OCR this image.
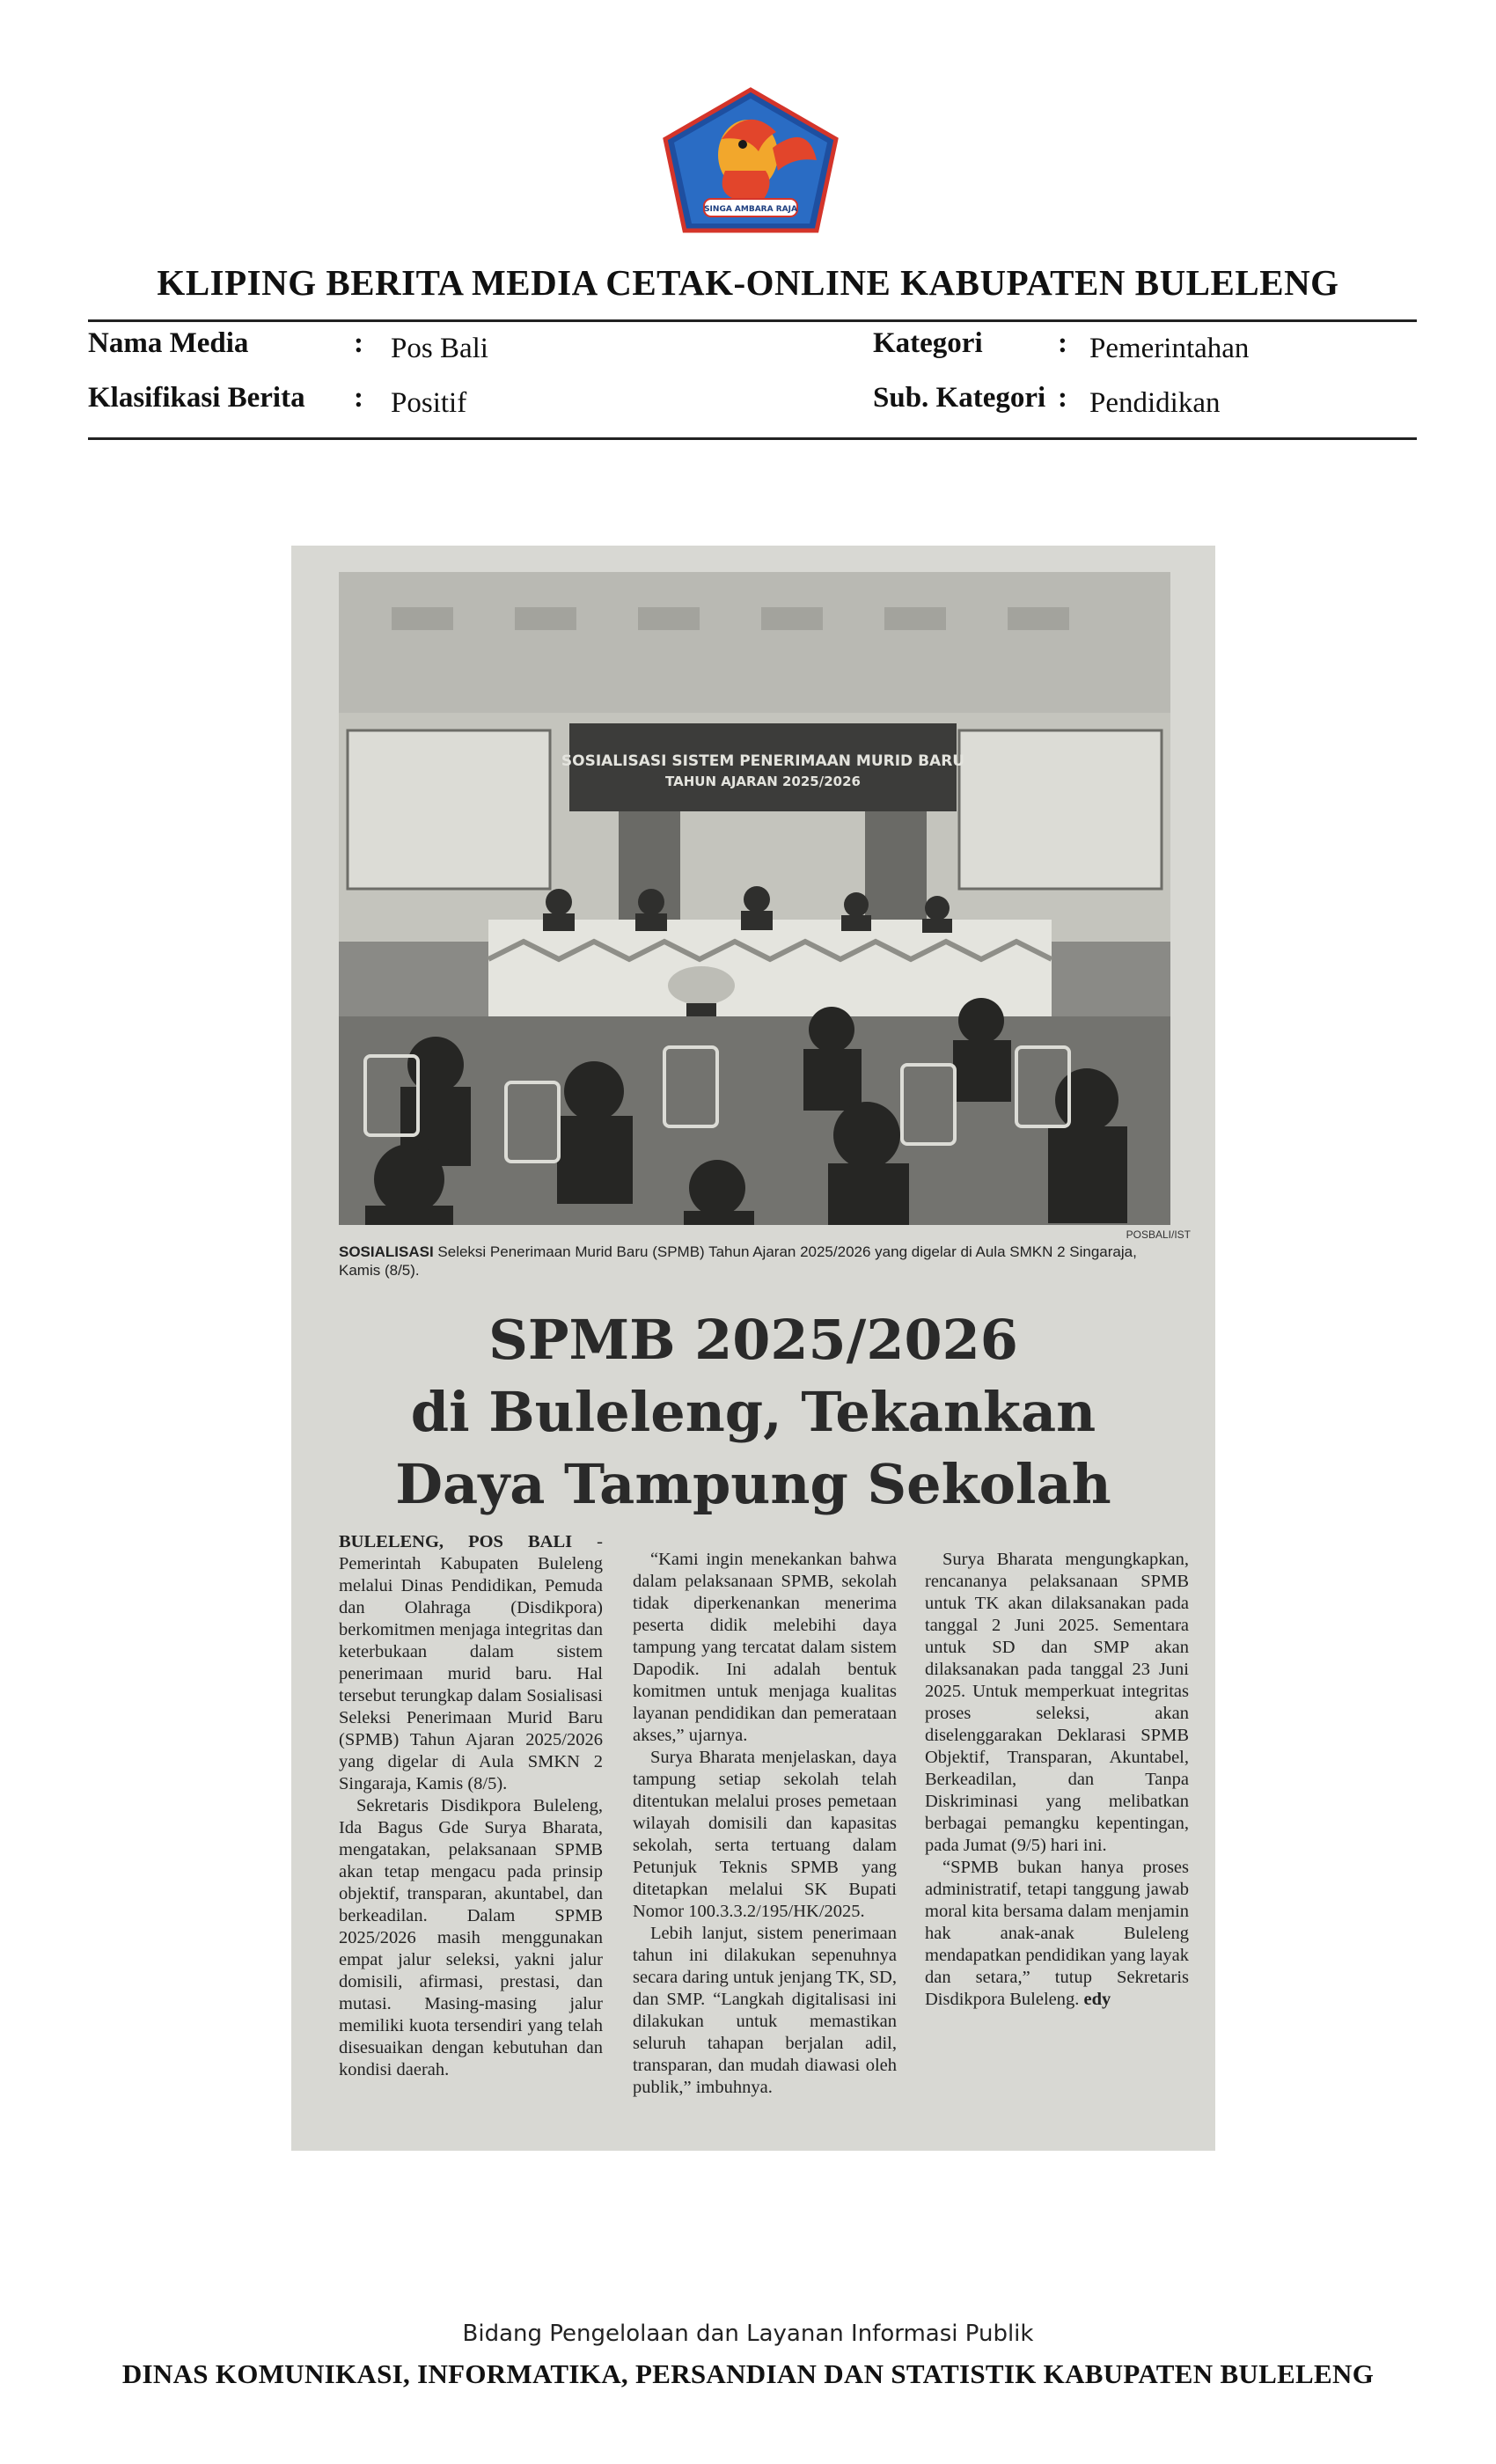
SINGA AMBARA RAJA
KLIPING BERITA MEDIA CETAK-ONLINE KABUPATEN BULELENG
Nama Media	: Pos Bali	Kategori	: Pemerintahan
Klasifikasi Berita : Positif	Sub. Kategori : Pendidikan
SOSIALISASI SISTEM PENERIMAAN MURID BARU
TAHUN AJARAN 2025/2026
POSBALI/IST
SOSIALISASI Seleksi Penerimaan Murid Baru (SPMB) Tahun Ajaran 2025/2026 yang digelar di Aula SMKN 2 Singaraja, Kamis (8/5).
SPMB 2025/2026
di Buleleng, Tekankan
Daya Tampung Sekolah

BULELENG, POS BALI - Pemerintah Kabupaten Buleleng melalui Dinas Pendidikan, Pemuda dan Olahraga (Disdikpora) berkomitmen menjaga integritas dan keterbukaan dalam sistem penerimaan murid baru. Hal tersebut terungkap dalam Sosialisasi Seleksi Penerimaan Murid Baru (SPMB) Tahun Ajaran 2025/2026 yang digelar di Aula SMKN 2 Singaraja, Kamis (8/5).

Sekretaris Disdikpora Buleleng, Ida Bagus Gde Surya Bharata, mengatakan, pelaksanaan SPMB akan tetap mengacu pada prinsip objektif, transparan, akuntabel, dan berkeadilan. Dalam SPMB 2025/2026 masih menggunakan empat jalur seleksi, yakni jalur domisili, afirmasi, prestasi, dan mutasi. Masing-masing jalur memiliki kuota tersendiri yang telah disesuaikan dengan kebutuhan dan kondisi daerah.

“Kami ingin menekankan bahwa dalam pelaksanaan SPMB, sekolah tidak diperkenankan menerima peserta didik melebihi daya tampung yang tercatat dalam sistem Dapodik. Ini adalah bentuk komitmen untuk menjaga kualitas layanan pendidikan dan pemerataan akses,” ujarnya.

Surya Bharata menjelaskan, daya tampung setiap sekolah telah ditentukan melalui proses pemetaan wilayah domisili dan kapasitas sekolah, serta tertuang dalam Petunjuk Teknis SPMB yang ditetapkan melalui SK Bupati Nomor 100.3.3.2/195/HK/2025.

Lebih lanjut, sistem penerimaan tahun ini dilakukan sepenuhnya secara daring untuk jenjang TK, SD, dan SMP. “Langkah digitalisasi ini dilakukan untuk memastikan seluruh tahapan berjalan adil, transparan, dan mudah diawasi oleh publik,” imbuhnya.

Surya Bharata mengungkapkan, rencananya pelaksanaan SPMB untuk TK akan dilaksanakan pada tanggal 2 Juni 2025. Sementara untuk SD dan SMP akan dilaksanakan pada tanggal 23 Juni 2025. Untuk memperkuat integritas proses seleksi, akan diselenggarakan Deklarasi SPMB Objektif, Transparan, Akuntabel, Berkeadilan, dan Tanpa Diskriminasi yang melibatkan berbagai pemangku kepentingan, pada Jumat (9/5) hari ini.

“SPMB bukan hanya proses administratif, tetapi tanggung jawab moral kita bersama dalam menjamin hak anak-anak Buleleng mendapatkan pendidikan yang layak dan setara,” tutup Sekretaris Disdikpora Buleleng. edy

Bidang Pengelolaan dan Layanan Informasi Publik
DINAS KOMUNIKASI, INFORMATIKA, PERSANDIAN DAN STATISTIK KABUPATEN BULELENG
